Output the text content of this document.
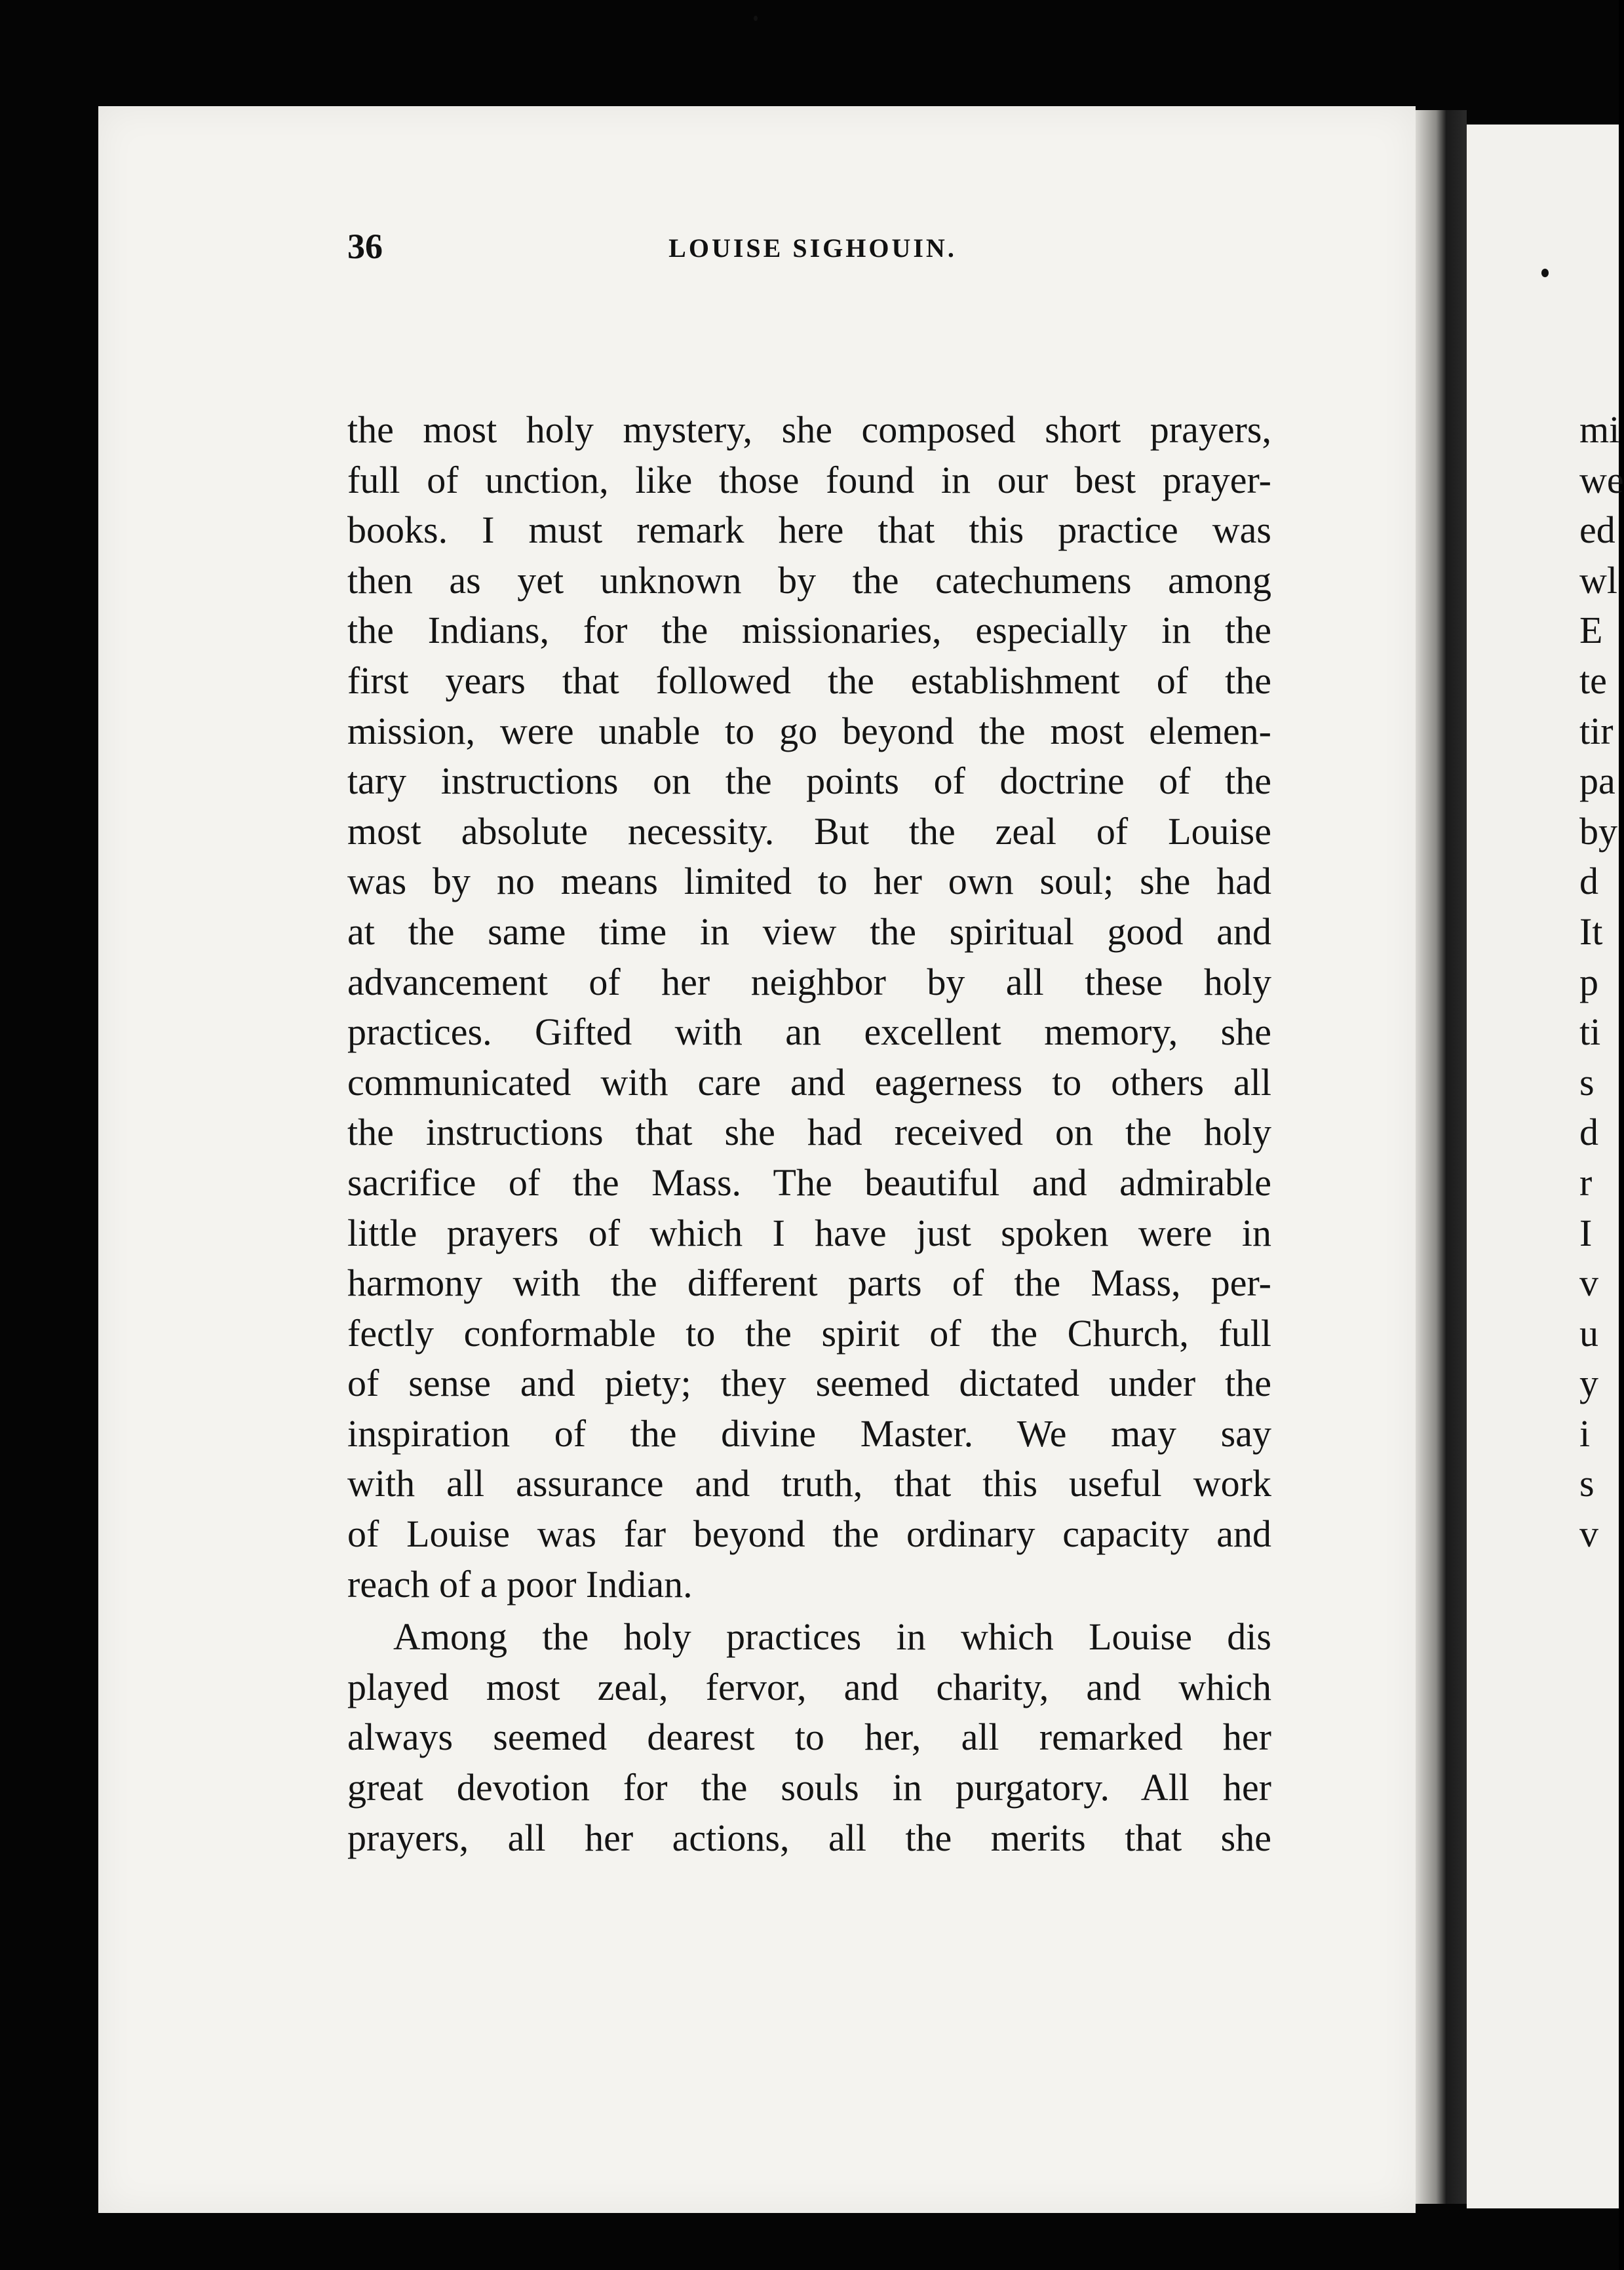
36	LOUISE SIGHOUIN.
the most holy mystery, she composed short prayers,
full of unction, like those found in our best prayer-
books. I must remark here that this practice was
then as yet unknown by the catechumens among
the Indians, for the missionaries, especially in the
first years that followed the establishment of the
mission, were unable to go beyond the most elemen-
tary instructions on the points of doctrine of the
most absolute necessity. But the zeal of Louise
was by no means limited to her own soul; she had
at the same time in view the spiritual good and
advancement of her neighbor by all these holy
practices. Gifted with an excellent memory, she
communicated with care and eagerness to others all
the instructions that she had received on the holy
sacrifice of the Mass. The beautiful and admirable
little prayers of which I have just spoken were in
harmony with the different parts of the Mass, per-
fectly conformable to the spirit of the Church, full
of sense and piety; they seemed dictated under the
inspiration of the divine Master. We may say
with all assurance and truth, that this useful work
of Louise was far beyond the ordinary capacity and
reach of a poor Indian.
Among the holy practices in which Louise dis
played most zeal, fervor, and charity, and which
always seemed dearest to her, all remarked her
great devotion for the souls in purgatory. All her
prayers, all her actions, all the merits that she
mi
we
ed
wl
E
te
tir
pa
by
d
It
p
ti
s
d
r
I
v
u
y
i
s
v
